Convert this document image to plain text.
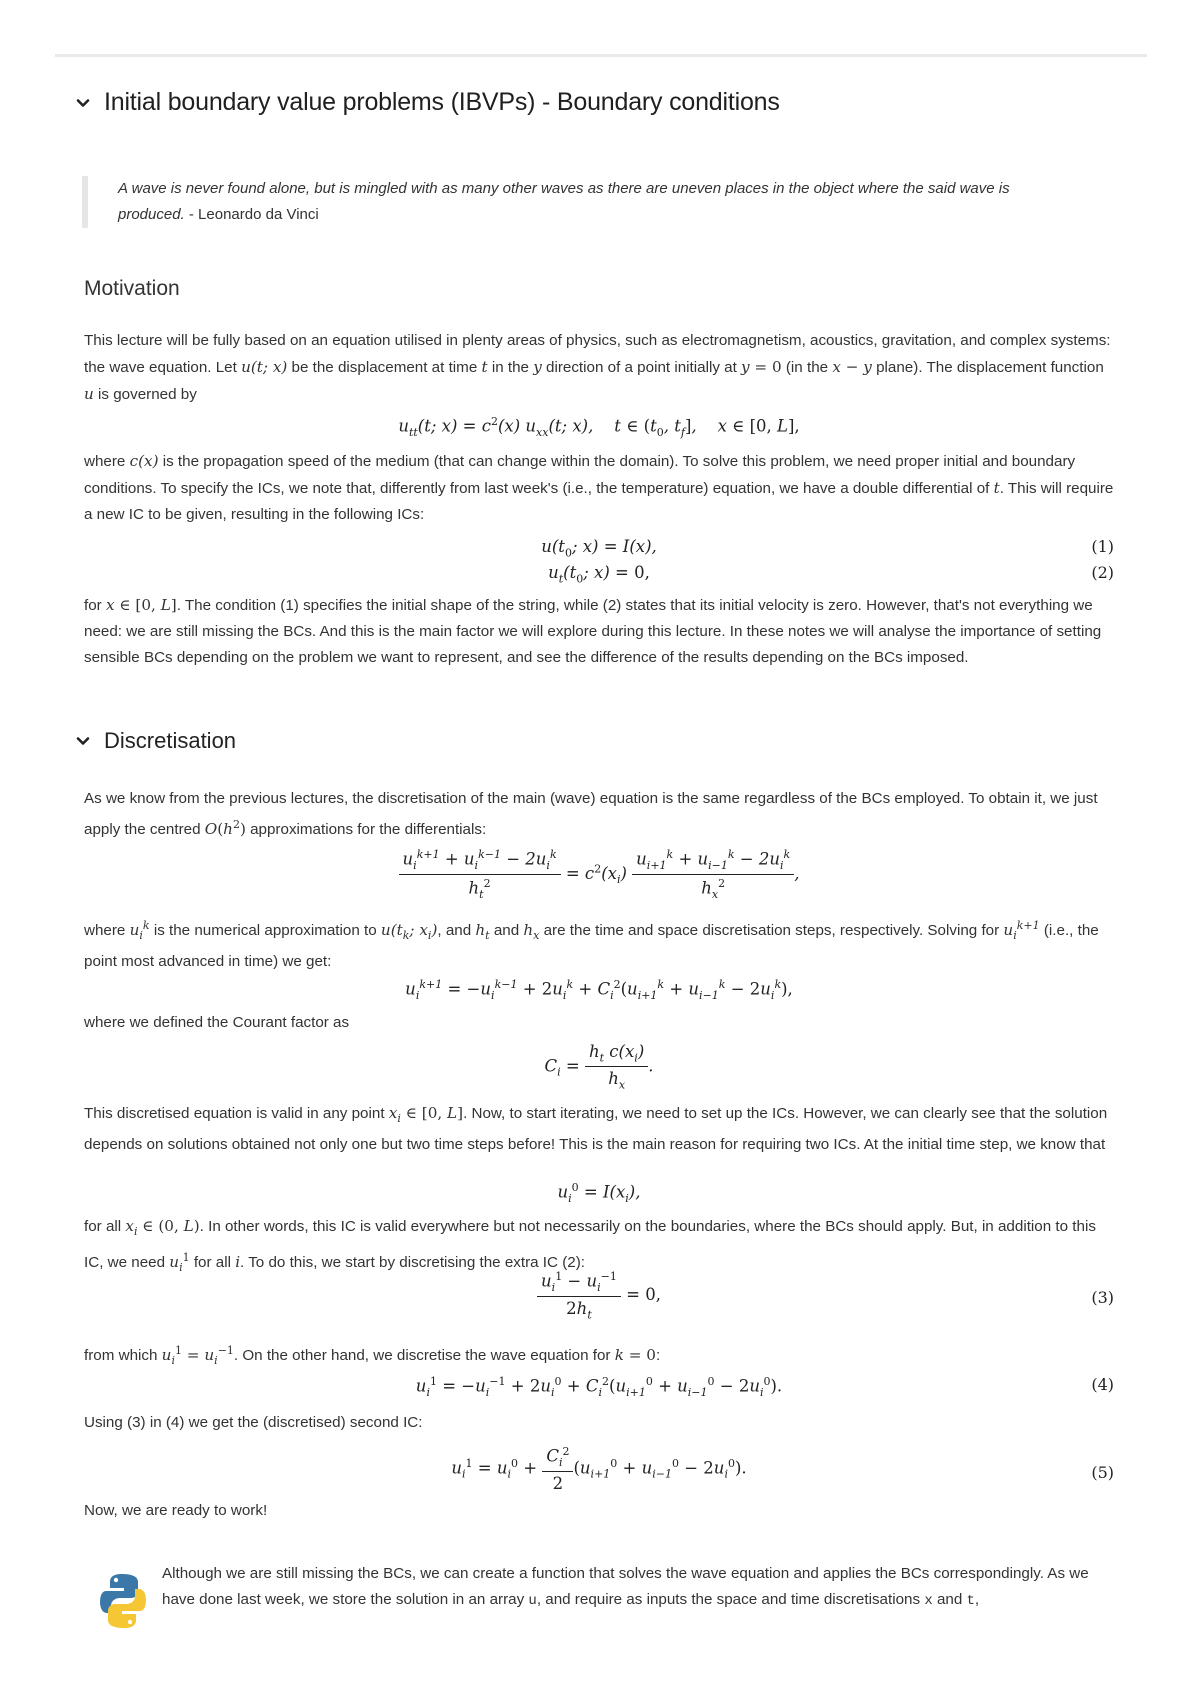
Initial boundary value problems (IBVPs) - Boundary conditions
A wave is never found alone, but is mingled with as many other waves as there are uneven places in the object where the said wave is produced. - Leonardo da Vinci
Motivation
This lecture will be fully based on an equation utilised in plenty areas of physics, such as electromagnetism, acoustics, gravitation, and complex systems: the wave equation. Let u(t; x) be the displacement at time t in the y direction of a point initially at y = 0 (in the x − y plane). The displacement function u is governed by
$u_{tt}(t$; $x) = c^2(x)$ $u_{xx}(t$; x),    t ∈ ($t_0$, $t_f$],    x ∈ [0, L],
where c(x) is the propagation speed of the medium (that can change within the domain). To solve this problem, we need proper initial and boundary conditions. To specify the ICs, we note that, differently from last week's (i.e., the temperature) equation, we have a double differential of t. This will require a new IC to be given, resulting in the following ICs:
$u(t_0$; x) = I(x),	(1)
$u_t(t_0$; x) = 0,	(2)
for x ∈ [0, L]. The condition (1) specifies the initial shape of the string, while (2) states that its initial velocity is zero. However, that's not everything we need: we are still missing the BCs. And this is the main factor we will explore during this lecture. In these notes we will analyse the importance of setting sensible BCs depending on the problem we want to represent, and see the difference of the results depending on the BCs imposed.
Discretisation
As we know from the previous lectures, the discretisation of the main (wave) equation is the same regardless of the BCs employed. To obtain it, we just apply the centred $O(h^2)$ approximations for the differentials:
$\frac{u_i^{k+1} + u_i^{k-1} - 2u_i^k}{h_t^2} = c^2(x_i) \frac{u_{i+1}^k + u_{i-1}^k - 2u_i^k}{h_x^2}$ ,
where $u_i^k$ is the numerical approximation to $u(t_k$; $x_i$), and $h_t$ and $h_x$ are the time and space discretisation steps, respectively. Solving for $u_i^{k+1}$ (i.e., the point most advanced in time) we get:
$u_i^{k+1} = -u_i^{k-1} + 2u_i^k + C_i^2(u_{i+1}^k + u_{i-1}^k - 2u_i^k)$,
where we defined the Courant factor as
$C_i = \frac{h_t c(x_i)}{h_x}$ .
This discretised equation is valid in any point $x_i$ ∈ [0, L]. Now, to start iterating, we need to set up the ICs. However, we can clearly see that the solution depends on solutions obtained not only one but two time steps before! This is the main reason for requiring two ICs. At the initial time step, we know that
$u_i^0 = I(x_i)$,
for all $x_i$ ∈ (0, L). In other words, this IC is valid everywhere but not necessarily on the boundaries, where the BCs should apply. But, in addition to this IC, we need $u_i^1$ for all i. To do this, we start by discretising the extra IC (2):
$\frac{u_i^1 - u_i^{-1}}{2h_t} = 0$,	(3)
from which $u_i^1 = u_i^{-1}$. On the other hand, we discretise the wave equation for k = 0:
$u_i^1 = -u_i^{-1} + 2u_i^0 + C_i^2(u_{i+1}^0 + u_{i-1}^0 - 2u_i^0)$.	(4)
Using (3) in (4) we get the (discretised) second IC:
$u_i^1 = u_i^0 + \frac{C_i^2}{2} (u_{i+1}^0 + u_{i-1}^0 - 2u_i^0)$.	(5)
Now, we are ready to work!
Although we are still missing the BCs, we can create a function that solves the wave equation and applies the BCs correspondingly. As we have done last week, we store the solution in an array u, and require as inputs the space and time discretisations x and t,
